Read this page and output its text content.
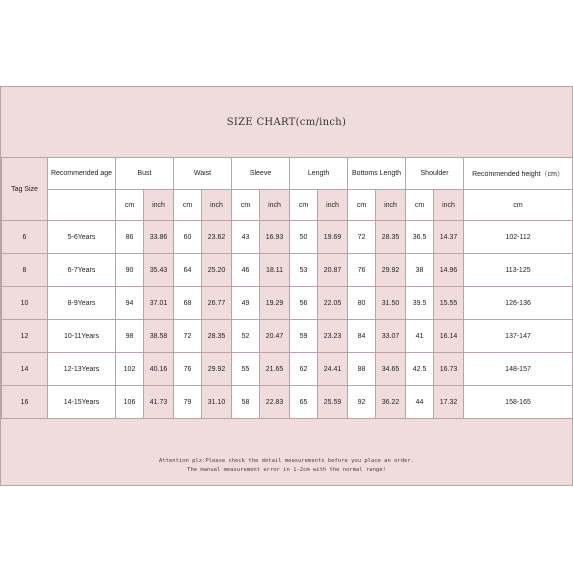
SIZE CHART(cm/inch)
Tag Size	Recommended age	Bust		Waist		Sleeve		Length		Bottoms Length		Shoulder		Recommended height（cm）
		cm	inch	cm	inch	cm	inch	cm	inch	cm	inch	cm	inch	cm
6	5-6Years	86	33.86	60	23.62	43	16.93	50	19.69	72	28.35	36.5	14.37	102-112
8	6-7Years	90	35.43	64	25.20	46	18.11	53	20.87	76	29.92	38	14.96	113-125
10	8-9Years	94	37.01	68	26.77	49	19.29	56	22.05	80	31.50	39.5	15.55	126-136
12	10-11Years	98	38.58	72	28.35	52	20.47	59	23.23	84	33.07	41	16.14	137-147
14	12-13Years	102	40.16	76	29.92	55	21.65	62	24.41	88	34.65	42.5	16.73	148-157
16	14-15Years	106	41.73	79	31.10	58	22.83	65	25.59	92	36.22	44	17.32	158-165
Attention plz:Please check the detail measurements before you place an order.
The manual measurement error in 1-2cm with the normal range!
